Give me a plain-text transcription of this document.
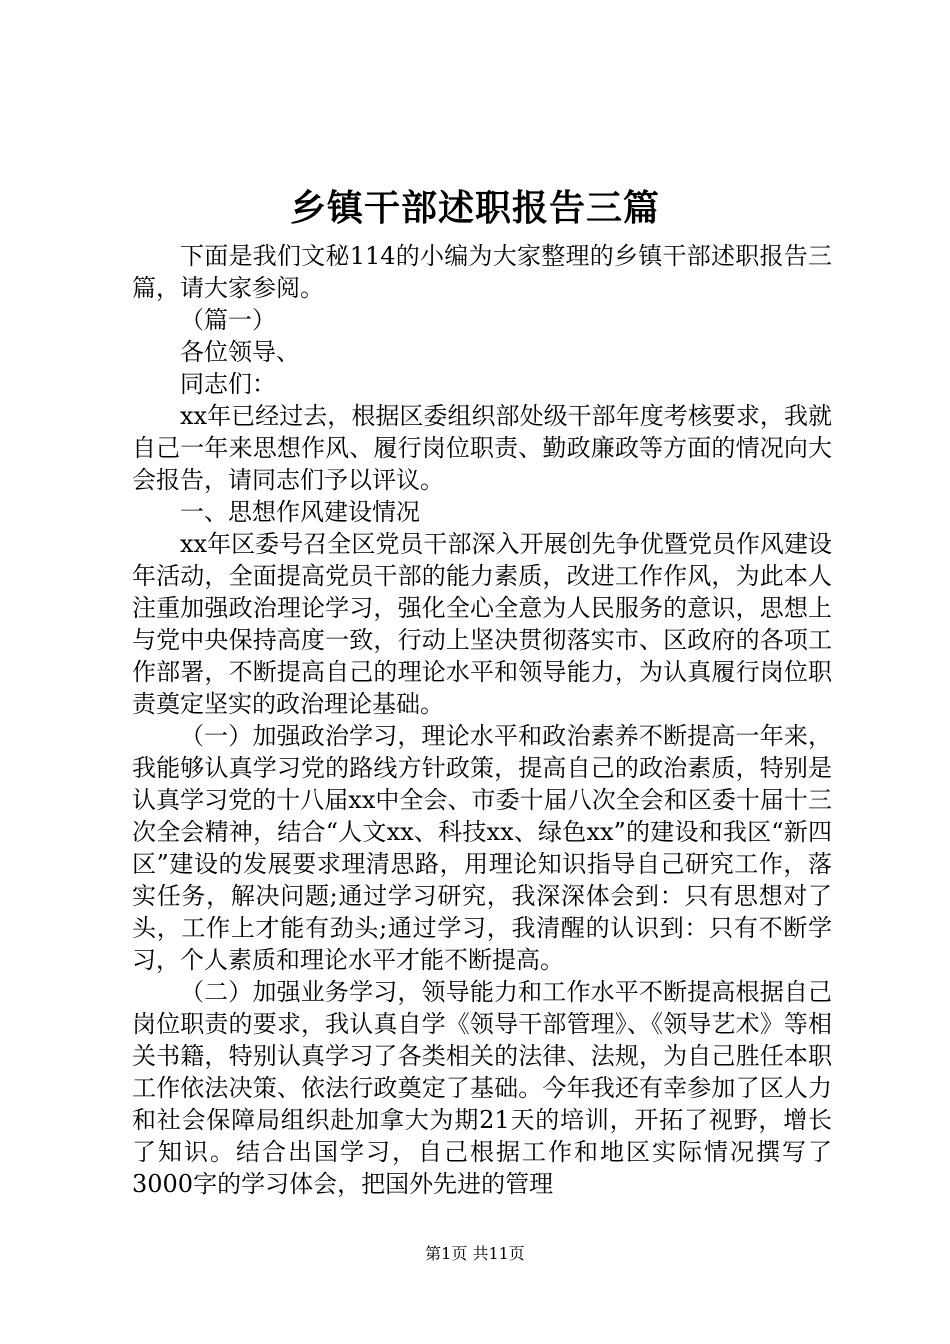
乡镇干部述职报告三篇

下面是我们文秘114的小编为大家整理的乡镇干部述职报告三篇，请大家参阅。

（篇一）

各位领导、

同志们：

xx年已经过去，根据区委组织部处级干部年度考核要求，我就自己一年来思想作风、履行岗位职责、勤政廉政等方面的情况向大会报告，请同志们予以评议。

一、思想作风建设情况

xx年区委号召全区党员干部深入开展创先争优暨党员作风建设年活动，全面提高党员干部的能力素质，改进工作作风，为此本人注重加强政治理论学习，强化全心全意为人民服务的意识，思想上与党中央保持高度一致，行动上坚决贯彻落实市、区政府的各项工作部署，不断提高自己的理论水平和领导能力，为认真履行岗位职责奠定坚实的政治理论基础。

（一）加强政治学习，理论水平和政治素养不断提高一年来，我能够认真学习党的路线方针政策，提高自己的政治素质，特别是认真学习党的十八届xx中全会、市委十届八次全会和区委十届十三次全会精神，结合“人文xx、科技xx、绿色xx”的建设和我区“新四区”建设的发展要求理清思路，用理论知识指导自己研究工作，落实任务，解决问题;通过学习研究，我深深体会到：只有思想对了头，工作上才能有劲头;通过学习，我清醒的认识到：只有不断学习，个人素质和理论水平才能不断提高。

（二）加强业务学习，领导能力和工作水平不断提高根据自己岗位职责的要求，我认真自学《领导干部管理》、《领导艺术》等相关书籍，特别认真学习了各类相关的法律、法规，为自己胜任本职工作依法决策、依法行政奠定了基础。今年我还有幸参加了区人力和社会保障局组织赴加拿大为期21天的培训，开拓了视野，增长了知识。结合出国学习，自己根据工作和地区实际情况撰写了3000字的学习体会，把国外先进的管理

第1页 共11页
